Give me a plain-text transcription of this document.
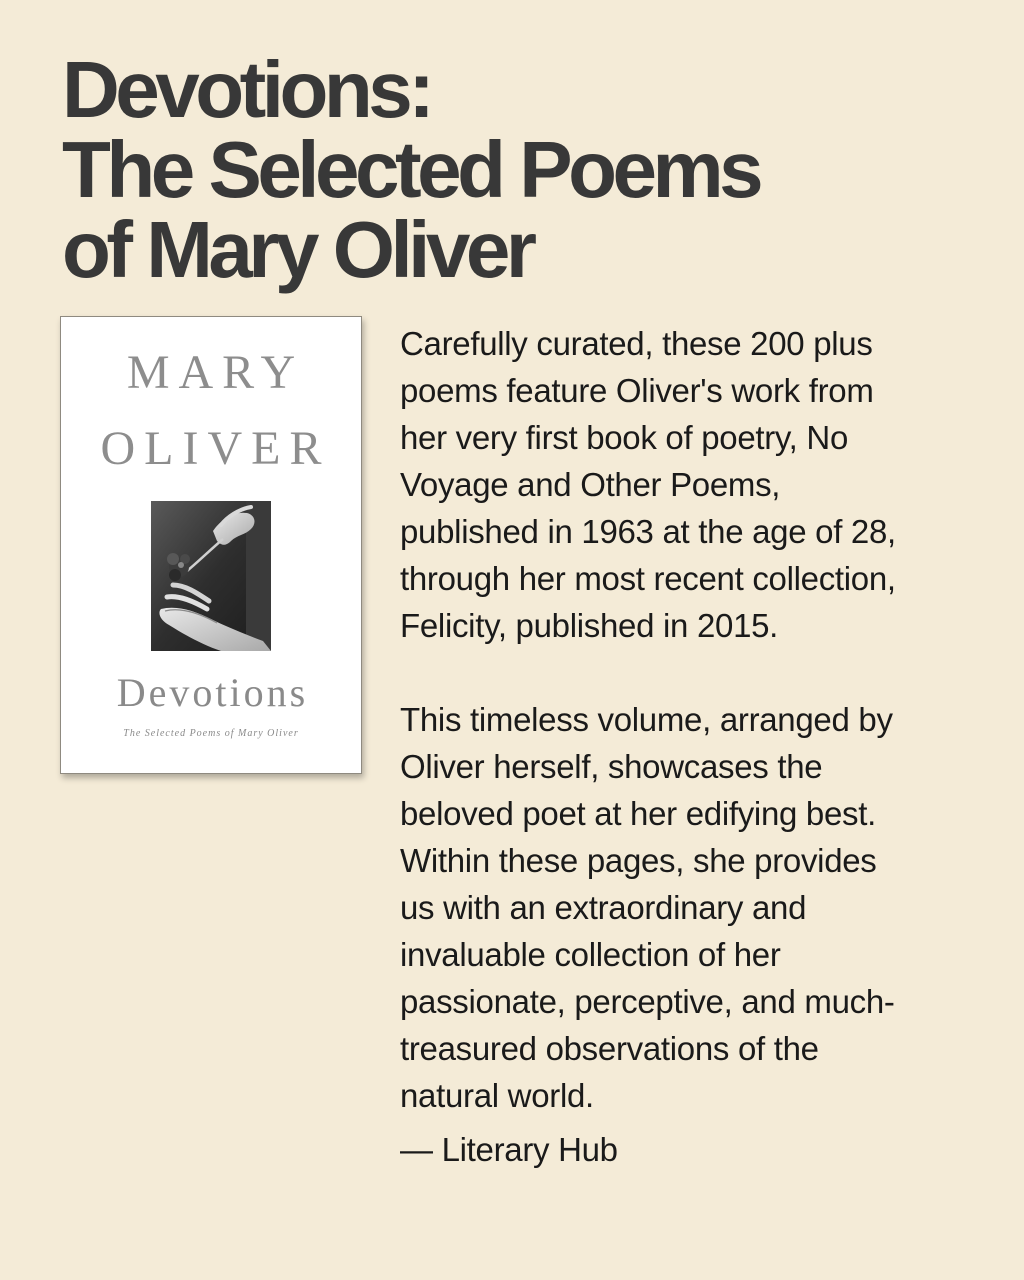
Devotions:
The Selected Poems
of Mary Oliver
MARY
OLIVER
Devotions
The Selected Poems of Mary Oliver
Carefully curated, these 200 plus
poems feature Oliver's work from
her very first book of poetry, No
Voyage and Other Poems,
published in 1963 at the age of 28,
through her most recent collection,
Felicity, published in 2015.
This timeless volume, arranged by
Oliver herself, showcases the
beloved poet at her edifying best.
Within these pages, she provides
us with an extraordinary and
invaluable collection of her
passionate, perceptive, and much-
treasured observations of the
natural world.
— Literary Hub
